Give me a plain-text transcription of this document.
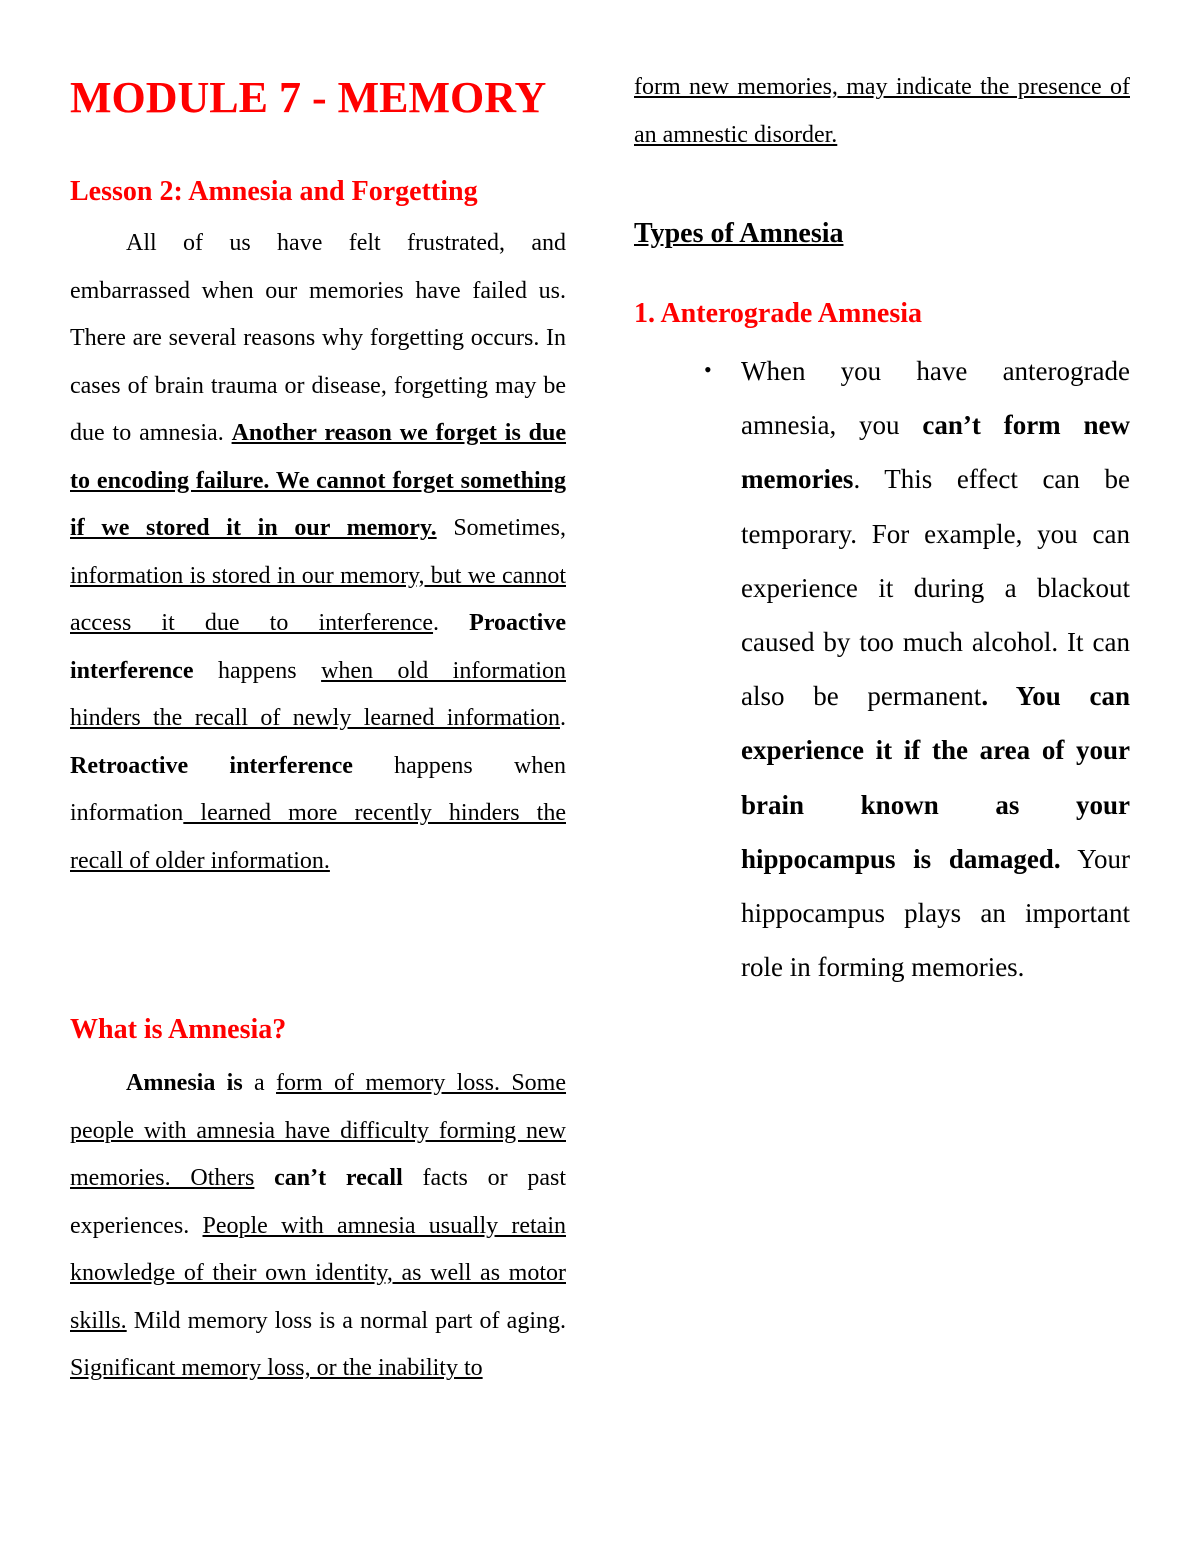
MODULE 7 - MEMORY
Lesson 2: Amnesia and Forgetting

All of us have felt frustrated, and embarrassed when our memories have failed us. There are several reasons why forgetting occurs. In cases of brain trauma or disease, forgetting may be due to amnesia. Another reason we forget is due to encoding failure. We cannot forget something if we stored it in our memory. Sometimes, information is stored in our memory, but we cannot access it due to interference. Proactive interference happens when old information hinders the recall of newly learned information. Retroactive interference happens when information learned more recently hinders the recall of older information.

What is Amnesia?

Amnesia is a form of memory loss. Some people with amnesia have difficulty forming new memories. Others can’t recall facts or past experiences. People with amnesia usually retain knowledge of their own identity, as well as motor skills. Mild memory loss is a normal part of aging. Significant memory loss, or the inability to

form new memories, may indicate the presence of an amnestic disorder.

Types of Amnesia
1. Anterograde Amnesia
• When you have anterograde amnesia, you can’t form new memories. This effect can be temporary. For example, you can experience it during a blackout caused by too much alcohol. It can also be permanent. You can experience it if the area of your brain known as your hippocampus is damaged. Your hippocampus plays an important role in forming memories.
